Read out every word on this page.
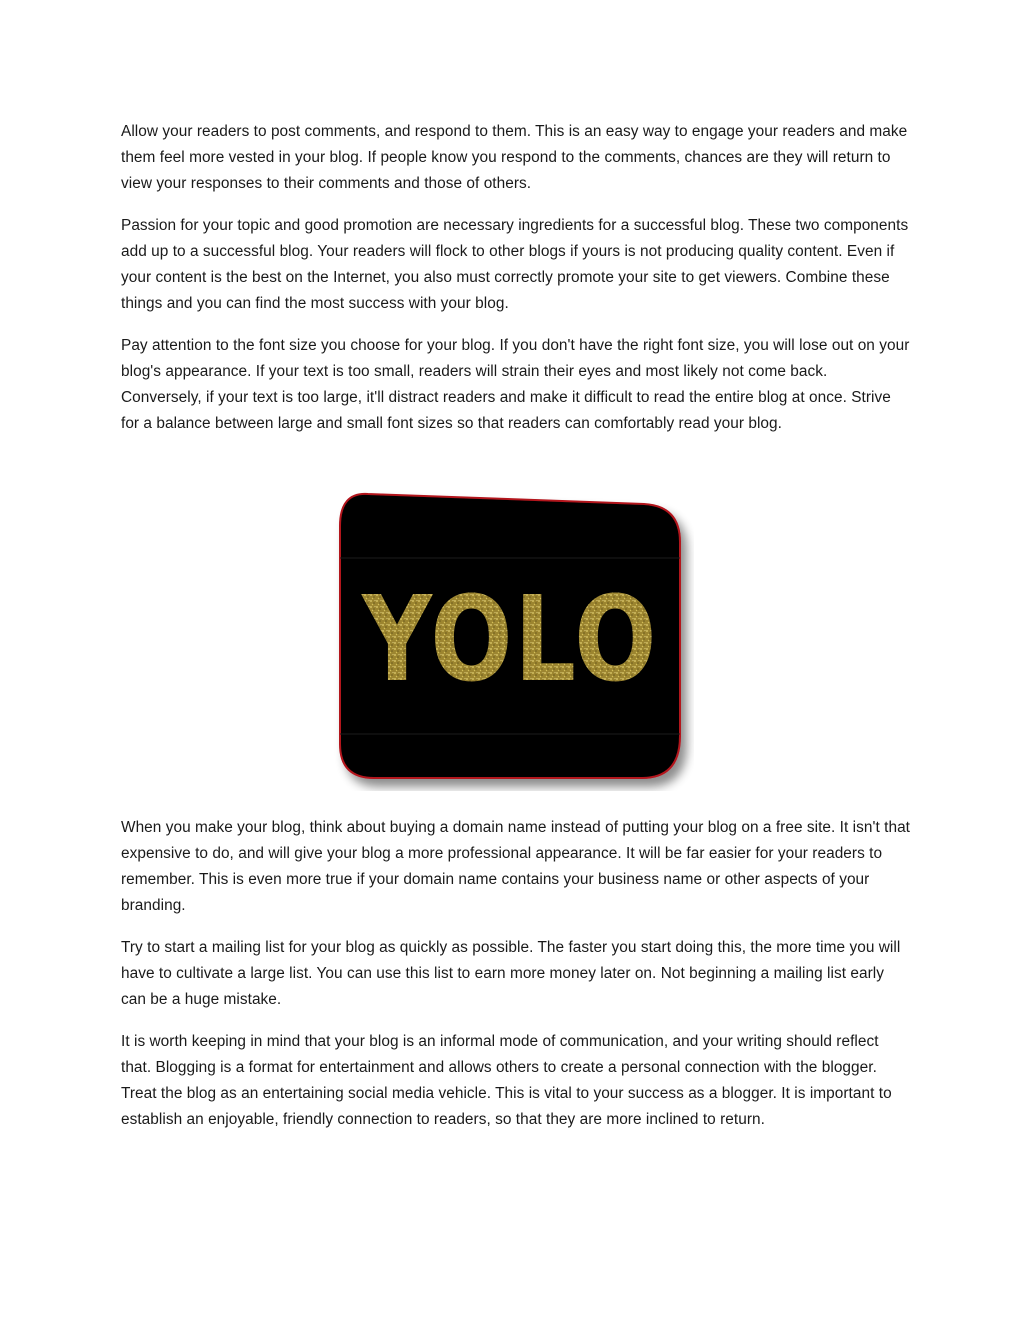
Allow your readers to post comments, and respond to them. This is an easy way to engage your readers and make them feel more vested in your blog. If people know you respond to the comments, chances are they will return to view your responses to their comments and those of others.

Passion for your topic and good promotion are necessary ingredients for a successful blog. These two components add up to a successful blog. Your readers will flock to other blogs if yours is not producing quality content. Even if your content is the best on the Internet, you also must correctly promote your site to get viewers. Combine these things and you can find the most success with your blog.

Pay attention to the font size you choose for your blog. If you don't have the right font size, you will lose out on your blog's appearance. If your text is too small, readers will strain their eyes and most likely not come back. Conversely, if your text is too large, it'll distract readers and make it difficult to read the entire blog at once. Strive for a balance between large and small font sizes so that readers can comfortably read your blog.

YOLO

When you make your blog, think about buying a domain name instead of putting your blog on a free site. It isn't that expensive to do, and will give your blog a more professional appearance. It will be far easier for your readers to remember. This is even more true if your domain name contains your business name or other aspects of your branding.

Try to start a mailing list for your blog as quickly as possible. The faster you start doing this, the more time you will have to cultivate a large list. You can use this list to earn more money later on. Not beginning a mailing list early can be a huge mistake.

It is worth keeping in mind that your blog is an informal mode of communication, and your writing should reflect that. Blogging is a format for entertainment and allows others to create a personal connection with the blogger. Treat the blog as an entertaining social media vehicle. This is vital to your success as a blogger. It is important to establish an enjoyable, friendly connection to readers, so that they are more inclined to return.
